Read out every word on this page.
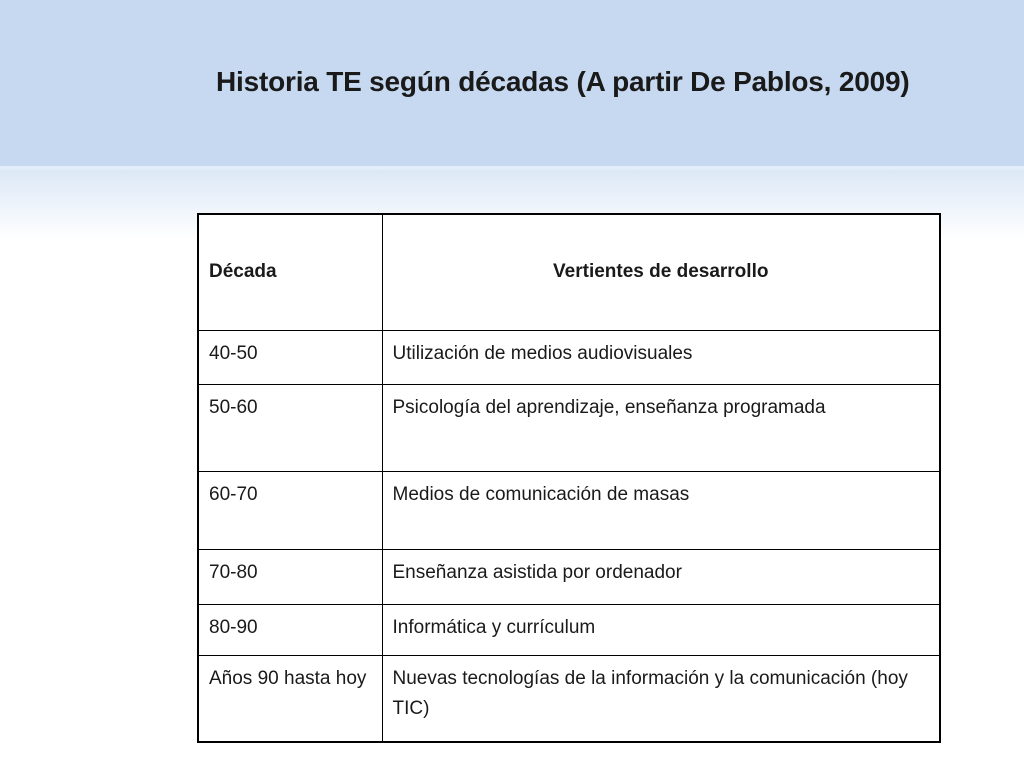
Historia TE según décadas (A partir De Pablos, 2009)
Década	Vertientes de desarrollo
40-50	Utilización de medios audiovisuales
50-60	Psicología del aprendizaje, enseñanza programada
60-70	Medios de comunicación de masas
70-80	Enseñanza asistida por ordenador
80-90	Informática y currículum
Años 90 hasta hoy	Nuevas tecnologías de la información y la comunicación (hoy TIC)
